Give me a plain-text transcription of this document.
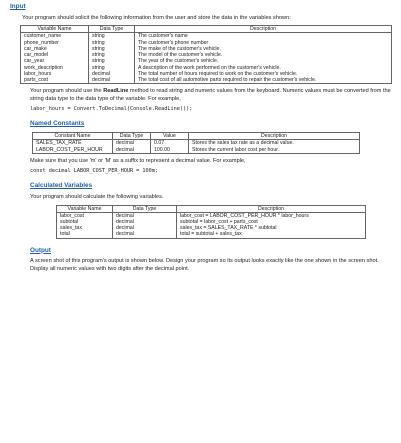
Input
Your program should solicit the following information from the user and store the data in the variables shown:
Variable Name	Data Type	Description
customer_name	string	The customer's name
phone_number	string	The customer's phone number
car_make	string	The make of the customer's vehicle.
car_model	string	The model of the customer's vehicle.
car_year	string	The year of the customer's vehicle.
work_description	string	A description of the work performed on the customer's vehicle.
labor_hours	decimal	The total number of hours required to work on the customer's vehicle.
parts_cost	decimal	The total cost of all automotive parts required to repair the customer's vehicle.
Your program should use the ReadLine method to read string and numeric values from the keyboard. Numeric values must be converted from the string data type to the data type of the variable. For example,
labor_hours = Convert.ToDecimal(Console.ReadLine());
Named Constants
Constant Name	Data Type	Value	Description
SALES_TAX_RATE	decimal	0.07	Stores the sales tax rate as a decimal value.
LABOR_COST_PER_HOUR	decimal	100.00	Stores the current labor cost per hour.
Make sure that you use 'm' or 'M' as a suffix to represent a decimal value. For example,
const decimal LABOR_COST_PER_HOUR = 100m;
Calculated Variables
Your program should calculate the following variables.
Variable Name	Data Type	Description
labor_cost	decimal	labor_cost = LABOR_COST_PER_HOUR * labor_hours
subtotal	decimal	subtotal = labor_cost + parts_cost
sales_tax	decimal	sales_tax = SALES_TAX_RATE * subtotal
total	decimal	total = subtotal + sales_tax
Output
A screen shot of this program's output is shown below. Design your program so its output looks exactly like the one shown in the screen shot. Display all numeric values with two digits after the decimal point.
